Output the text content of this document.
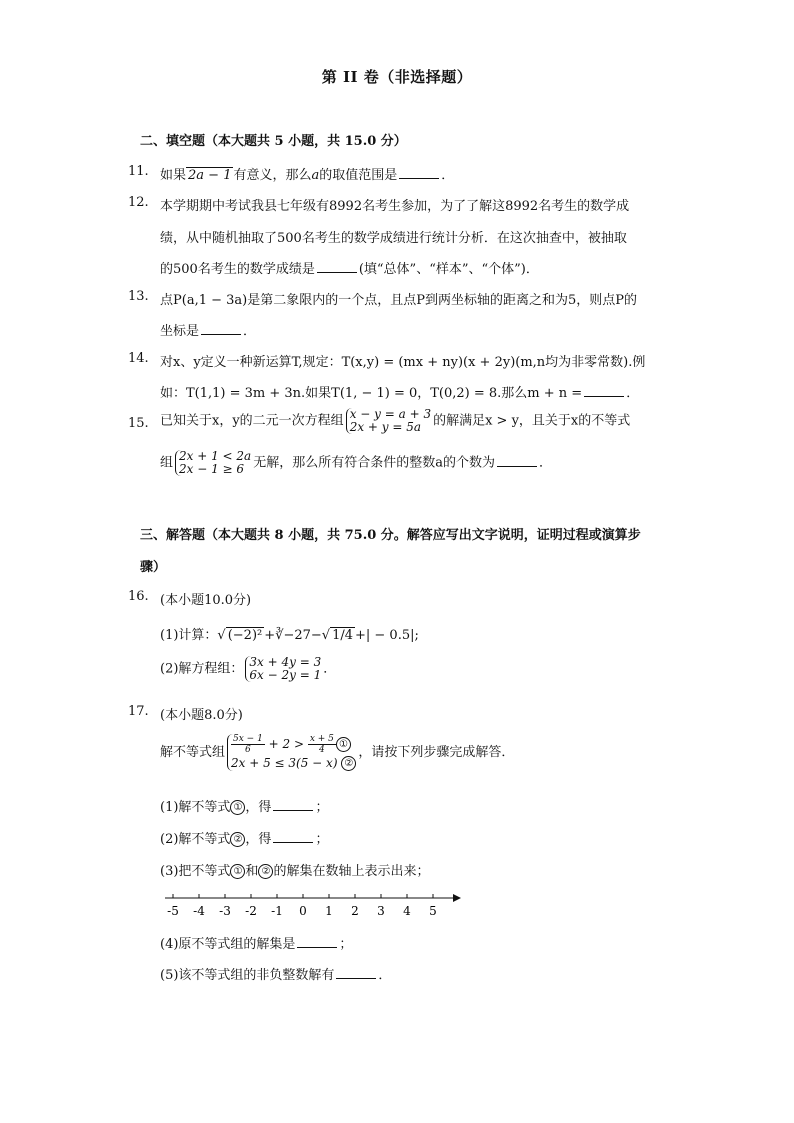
第 II 卷（非选择题）
二、填空题（本大题共 5 小题，共 15.0 分）
11. 如果 2a − 1 有意义，那么a的取值范围是	．
12. 本学期期中考试我县七年级有8992名考生参加，为了了解这8992名考生的数学成
绩，从中随机抽取了500名考生的数学成绩进行统计分析．在这次抽查中，被抽取
的500名考生的数学成绩是	(填“总体”、“样本”、“个体”)．
13. 点P(a,1 − 3a)是第二象限内的一个点，且点P到两坐标轴的距离之和为5，则点P的
坐标是	．
14. 对x、y定义一种新运算T,规定：T(x,y) = (mx + ny)(x + 2y)(m,n均为非零常数).例
如：T(1,1) = 3m + 3n.如果T(1, − 1) = 0，T(0,2) = 8.那么m + n =	．
15. 已知关于x，y的二元一次方程组 x − y = a + 3
2x + y = 5a 的解满足x > y，且关于x的不等式
组 2x + 1 < 2a
2x − 1 ≥ 6 无解，那么所有符合条件的整数a的个数为	．
三、解答题（本大题共 8 小题，共 75.0 分。解答应写出文字说明，证明过程或演算步
骤）
16. (本小题10.0分)
(1)计算：√ (−2)² +∛−27−√ 1/4 +| − 0.5|;
(2)解方程组： 3x + 4y = 3
6x − 2y = 1 ．
17. (本小题8.0分)
解不等式组 $\frac{5x - 1}{6} + 2 > \frac{x + 5}{4}$ ①
2x + 5 ≤ 3(5 − x) ②，请按下列步骤完成解答．
(1)解不等式 ① ，得	；
(2)解不等式 ② ，得	；
(3)把不等式 ① 和 ② 的解集在数轴上表示出来；
-5 -4 -3 -2 -1 0 1 2 3 4 5
(4)原不等式组的解集是	；
(5)该不等式组的非负整数解有	．
